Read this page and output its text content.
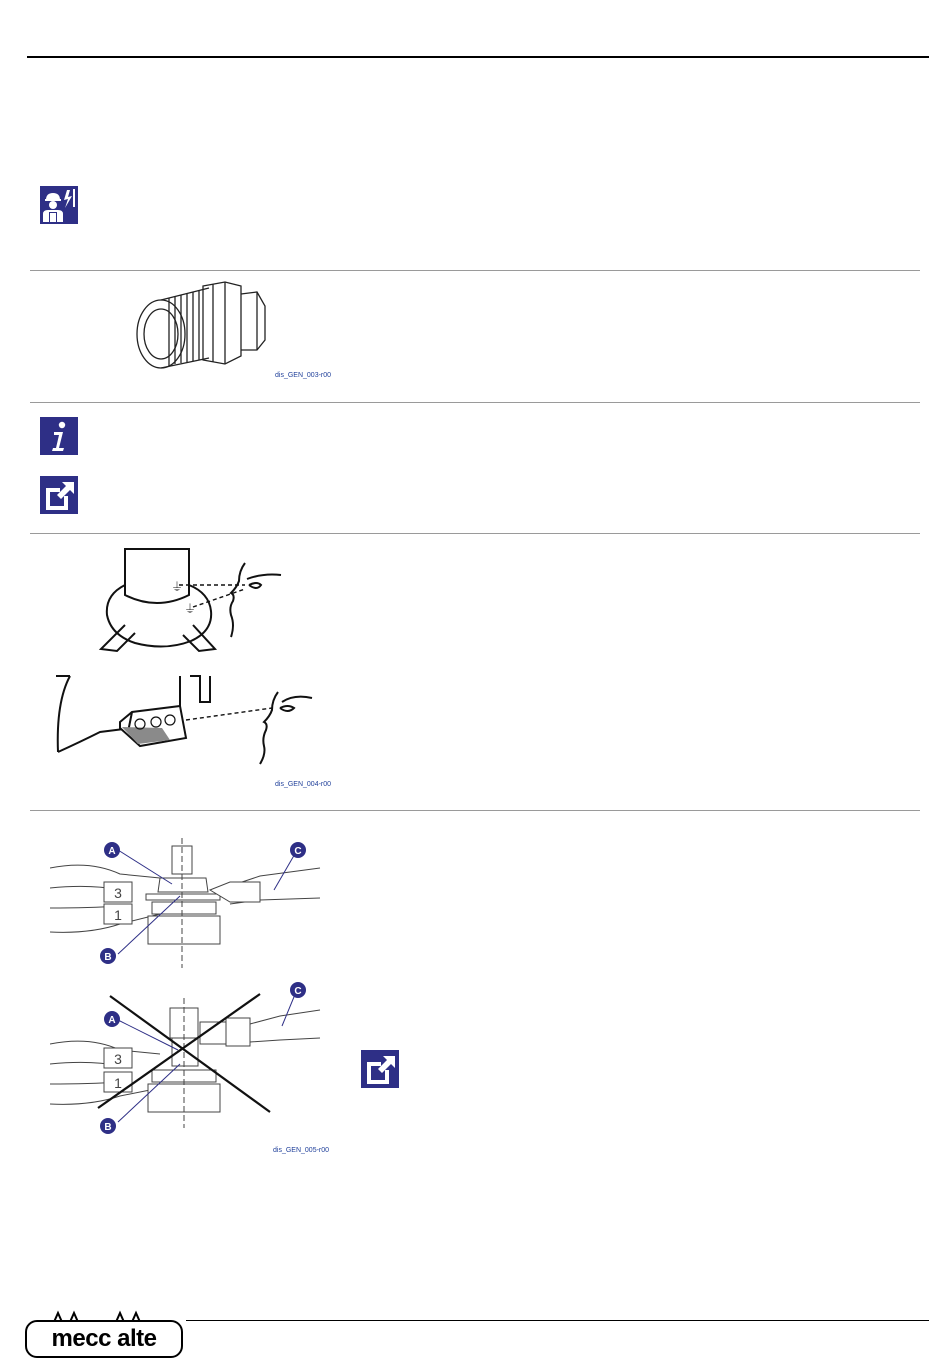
dis_GEN_003-r00
⏚
⏚
dis_GEN_004-r00
3
1
A
B
C
3
1
A
B
C
dis_GEN_005-r00
mecc alte
